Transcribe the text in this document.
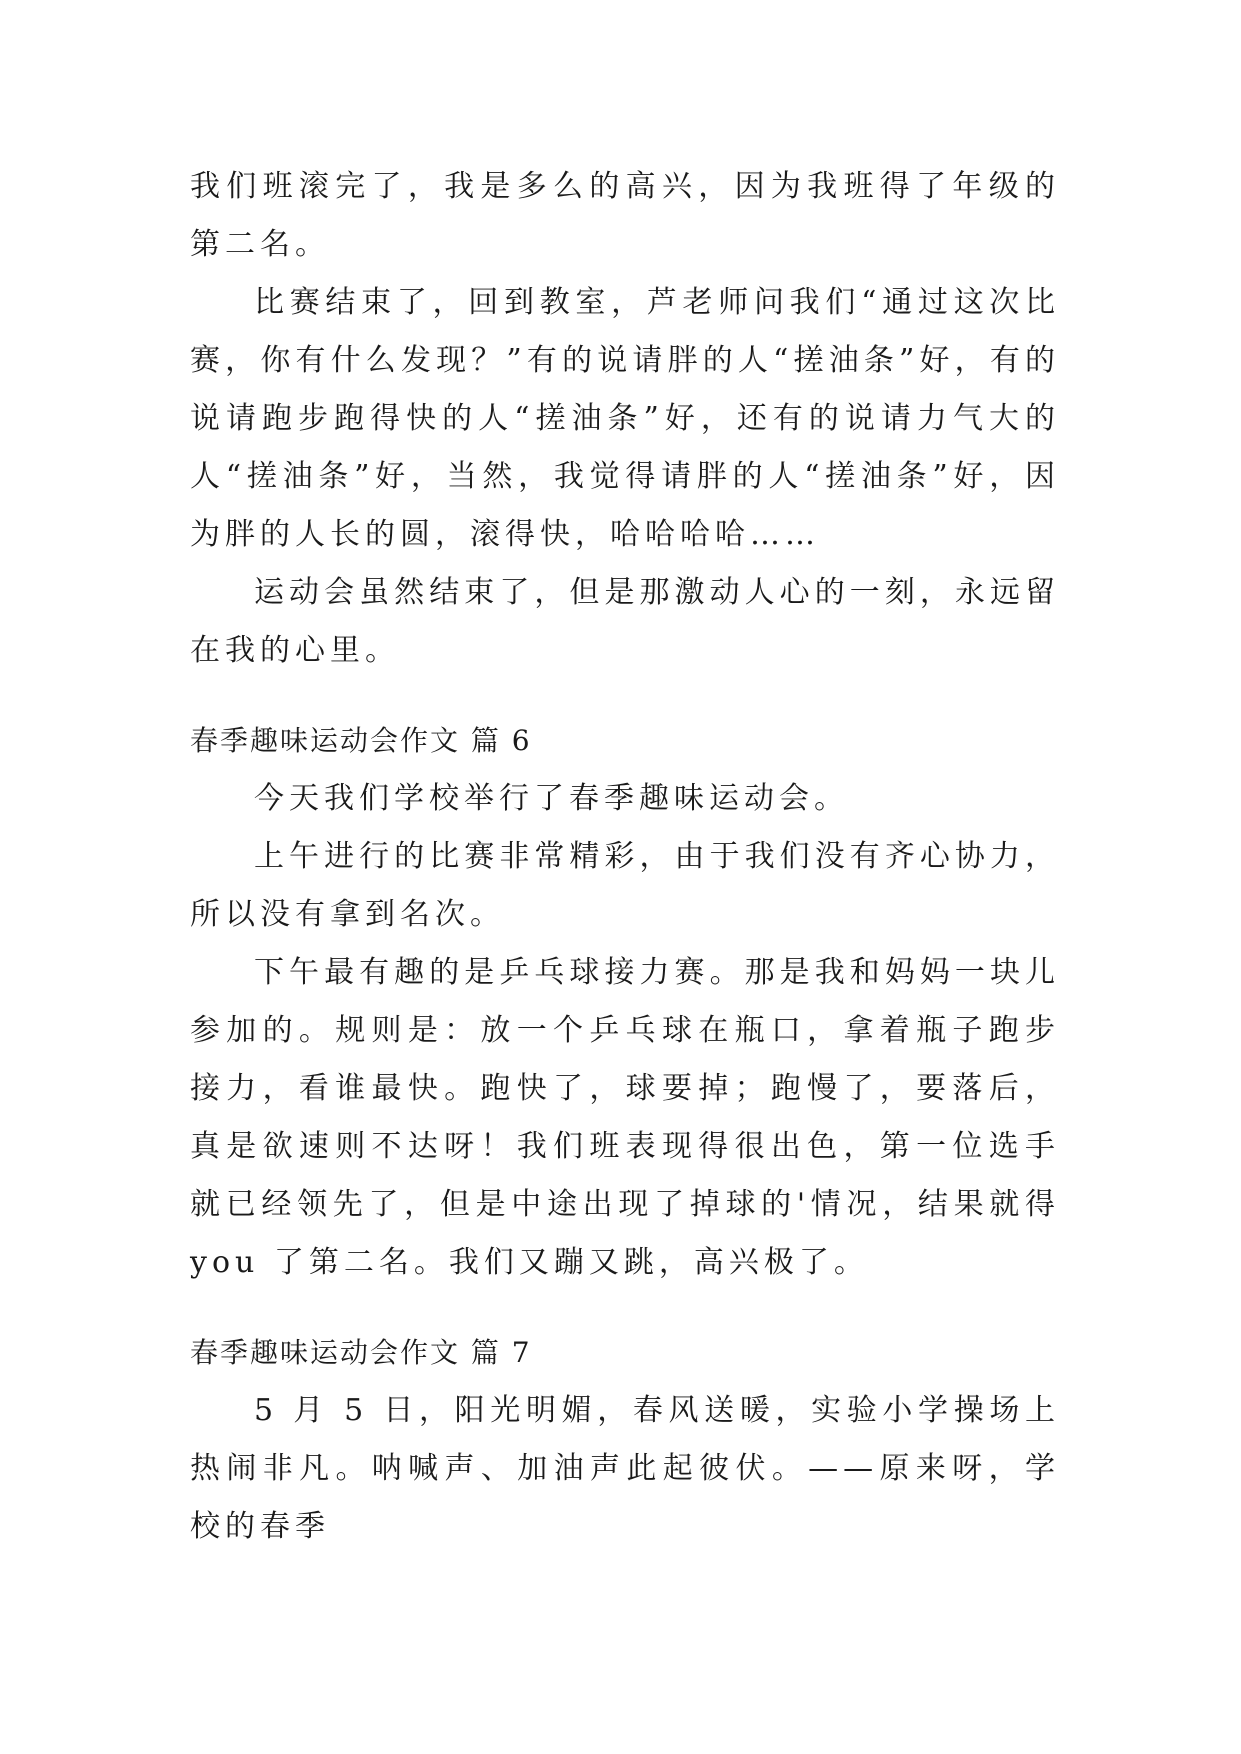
我们班滚完了，我是多么的高兴，因为我班得了年级的第二名。

比赛结束了，回到教室，芦老师问我们“通过这次比赛，你有什么发现？”有的说请胖的人“搓油条”好，有的说请跑步跑得快的人“搓油条”好，还有的说请力气大的人“搓油条”好，当然，我觉得请胖的人“搓油条”好，因为胖的人长的圆，滚得快，哈哈哈哈……

运动会虽然结束了，但是那激动人心的一刻，永远留在我的心里。

春季趣味运动会作文 篇 6

今天我们学校举行了春季趣味运动会。

上午进行的比赛非常精彩，由于我们没有齐心协力，所以没有拿到名次。

下午最有趣的是乒乓球接力赛。那是我和妈妈一块儿参加的。规则是：放一个乒乓球在瓶口，拿着瓶子跑步接力，看谁最快。跑快了，球要掉；跑慢了，要落后，真是欲速则不达呀！我们班表现得很出色，第一位选手就已经领先了，但是中途出现了掉球的'情况，结果就得 you 了第二名。我们又蹦又跳，高兴极了。

春季趣味运动会作文 篇 7

5 月 5 日，阳光明媚，春风送暖，实验小学操场上热闹非凡。呐喊声、加油声此起彼伏。——原来呀，学校的春季
